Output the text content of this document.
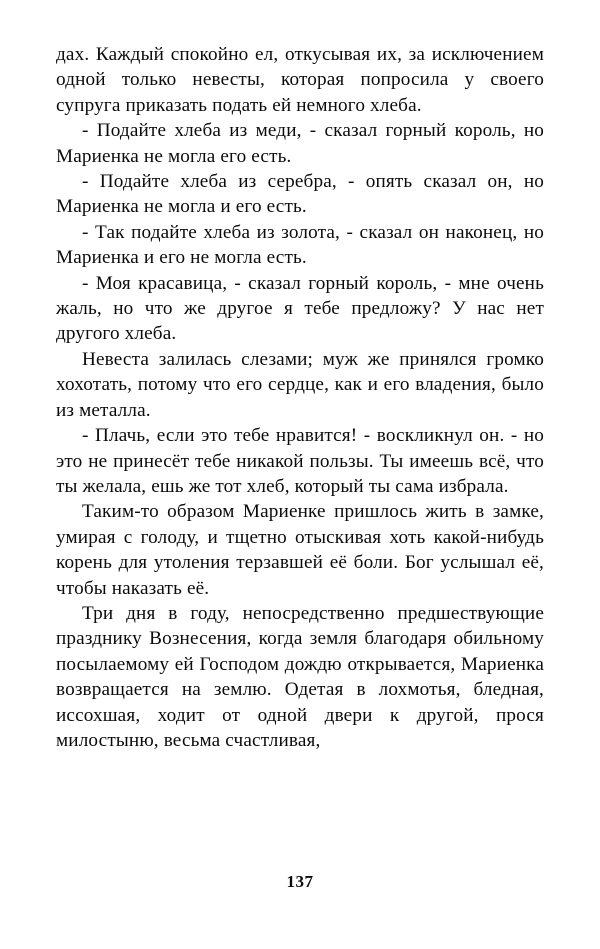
дах. Каждый спокойно ел, откусывая их, за исключением одной только невесты, которая попросила у своего супруга приказать подать ей немного хлеба.

- Подайте хлеба из меди, - сказал горный король, но Мариенка не могла его есть.

- Подайте хлеба из серебра, - опять сказал он, но Мариенка не могла и его есть.

- Так подайте хлеба из золота, - сказал он наконец, но Мариенка и его не могла есть.

- Моя красавица, - сказал горный король, - мне очень жаль, но что же другое я тебе предложу? У нас нет другого хлеба.

Невеста залилась слезами; муж же принялся громко хохотать, потому что его сердце, как и его владения, было из металла.

- Плачь, если это тебе нравится! - воскликнул он. - но это не принесёт тебе никакой пользы. Ты имеешь всё, что ты желала, ешь же тот хлеб, который ты сама избрала.

Таким-то образом Мариенке пришлось жить в замке, умирая с голоду, и тщетно отыскивая хоть какой-нибудь корень для утоления терзавшей её боли. Бог услышал её, чтобы наказать её.

Три дня в году, непосредственно предшествующие празднику Вознесения, когда земля благодаря обильному посылаемому ей Господом дождю открывается, Мариенка возвращается на землю. Одетая в лохмотья, бледная, иссохшая, ходит от одной двери к другой, прося милостыню, весьма счастливая,

137
